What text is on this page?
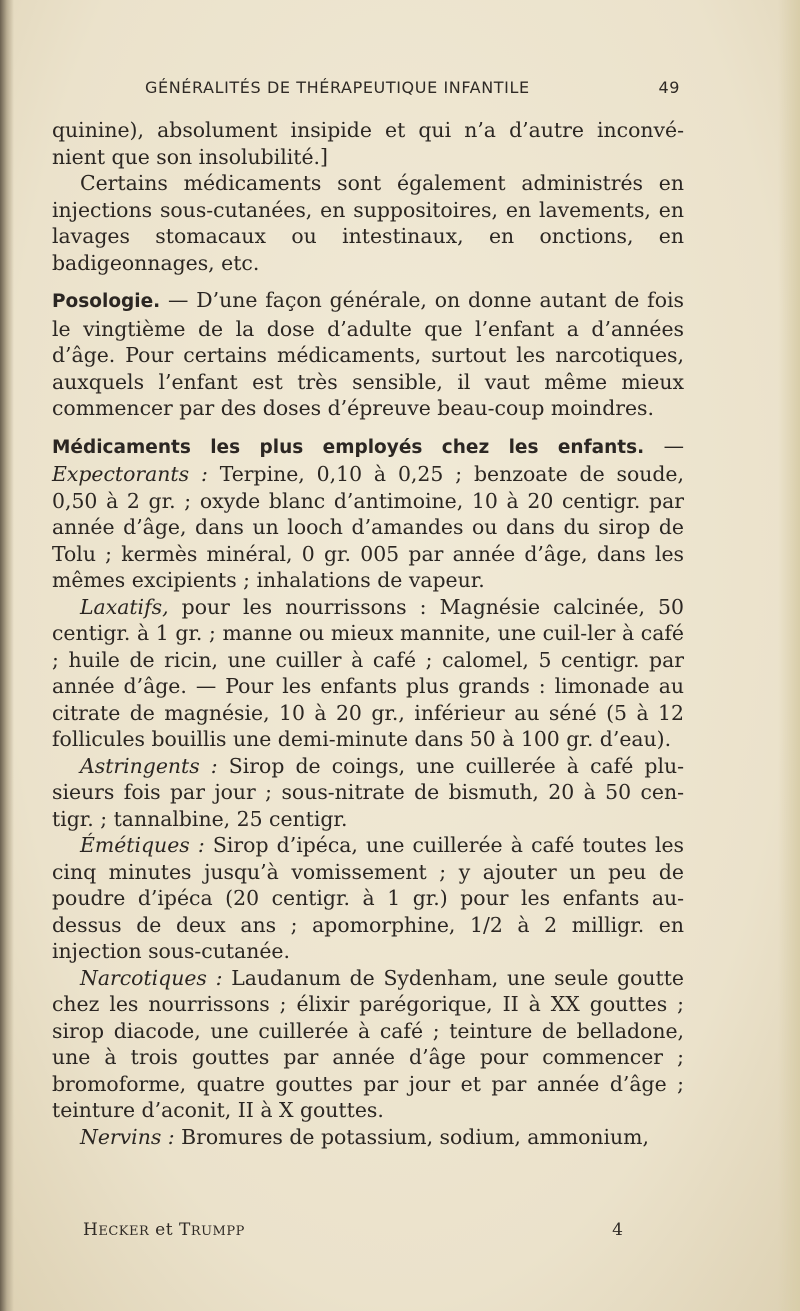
GÉNÉRALITÉS DE THÉRAPEUTIQUE INFANTILE	49

quinine), absolument insipide et qui n’a d’autre inconvé-nient que son insolubilité.]

Certains médicaments sont également administrés en injections sous-cutanées, en suppositoires, en lavements, en lavages stomacaux ou intestinaux, en onctions, en badigeonnages, etc.

Posologie. — D’une façon générale, on donne autant de fois le vingtième de la dose d’adulte que l’enfant a d’années d’âge. Pour certains médicaments, surtout les narcotiques, auxquels l’enfant est très sensible, il vaut même mieux commencer par des doses d’épreuve beau-coup moindres.

Médicaments les plus employés chez les enfants. — Expectorants : Terpine, 0,10 à 0,25 ; benzoate de soude, 0,50 à 2 gr. ; oxyde blanc d’antimoine, 10 à 20 centigr. par année d’âge, dans un looch d’amandes ou dans du sirop de Tolu ; kermès minéral, 0 gr. 005 par année d’âge, dans les mêmes excipients ; inhalations de vapeur.

Laxatifs, pour les nourrissons : Magnésie calcinée, 50 centigr. à 1 gr. ; manne ou mieux mannite, une cuil-ler à café ; huile de ricin, une cuiller à café ; calomel, 5 centigr. par année d’âge. — Pour les enfants plus grands : limonade au citrate de magnésie, 10 à 20 gr., inférieur au séné (5 à 12 follicules bouillis une demi-minute dans 50 à 100 gr. d’eau).

Astringents : Sirop de coings, une cuillerée à café plu-sieurs fois par jour ; sous-nitrate de bismuth, 20 à 50 cen-tigr. ; tannalbine, 25 centigr.

Émétiques : Sirop d’ipéca, une cuillerée à café toutes les cinq minutes jusqu’à vomissement ; y ajouter un peu de poudre d’ipéca (20 centigr. à 1 gr.) pour les enfants au-dessus de deux ans ; apomorphine, 1/2 à 2 milligr. en injection sous-cutanée.

Narcotiques : Laudanum de Sydenham, une seule goutte chez les nourrissons ; élixir parégorique, II à XX gouttes ; sirop diacode, une cuillerée à café ; teinture de belladone, une à trois gouttes par année d’âge pour commencer ; bromoforme, quatre gouttes par jour et par année d’âge ; teinture d’aconit, II à X gouttes.

Nervins : Bromures de potassium, sodium, ammonium,

HECKER et TRUMPP	4
